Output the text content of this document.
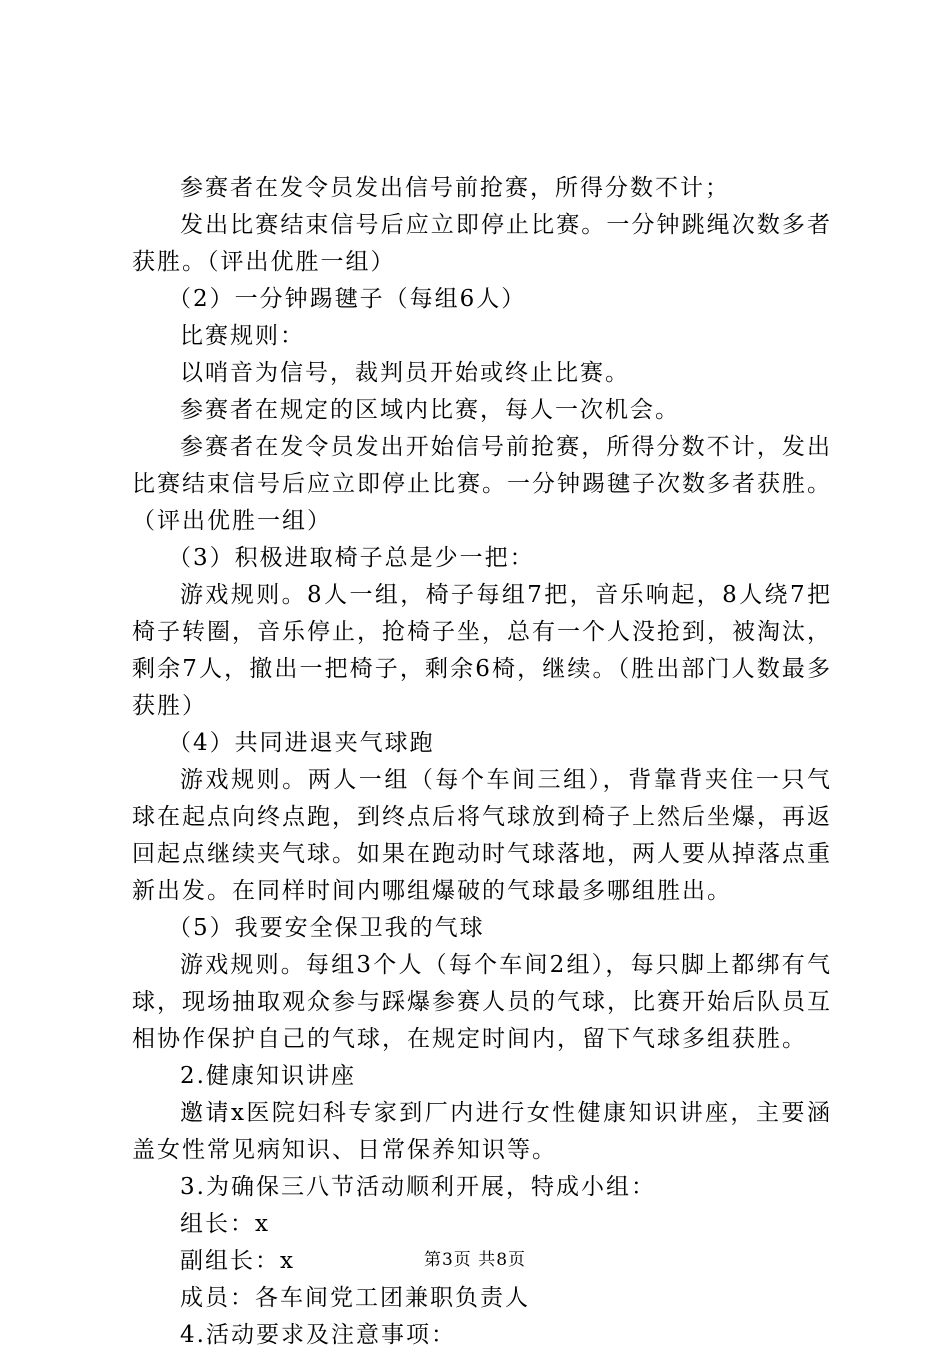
参赛者在发令员发出信号前抢赛，所得分数不计；

发出比赛结束信号后应立即停止比赛。一分钟跳绳次数多者获胜。（评出优胜一组）

（2）一分钟踢毽子（每组6人）

比赛规则：

以哨音为信号，裁判员开始或终止比赛。

参赛者在规定的区域内比赛，每人一次机会。

参赛者在发令员发出开始信号前抢赛，所得分数不计，发出比赛结束信号后应立即停止比赛。一分钟踢毽子次数多者获胜。（评出优胜一组）

（3）积极进取椅子总是少一把：

游戏规则。8人一组，椅子每组7把，音乐响起，8人绕7把椅子转圈，音乐停止，抢椅子坐，总有一个人没抢到，被淘汰，剩余7人，撤出一把椅子，剩余6椅，继续。（胜出部门人数最多获胜）

（4）共同进退夹气球跑

游戏规则。两人一组（每个车间三组），背靠背夹住一只气球在起点向终点跑，到终点后将气球放到椅子上然后坐爆，再返回起点继续夹气球。如果在跑动时气球落地，两人要从掉落点重新出发。在同样时间内哪组爆破的气球最多哪组胜出。

（5）我要安全保卫我的气球

游戏规则。每组3个人（每个车间2组），每只脚上都绑有气球，现场抽取观众参与踩爆参赛人员的气球，比赛开始后队员互相协作保护自己的气球，在规定时间内，留下气球多组获胜。

2.健康知识讲座

邀请x医院妇科专家到厂内进行女性健康知识讲座，主要涵盖女性常见病知识、日常保养知识等。

3.为确保三八节活动顺利开展，特成小组：

组长：x

副组长：x

成员：各车间党工团兼职负责人

4.活动要求及注意事项：

第3页 共8页
